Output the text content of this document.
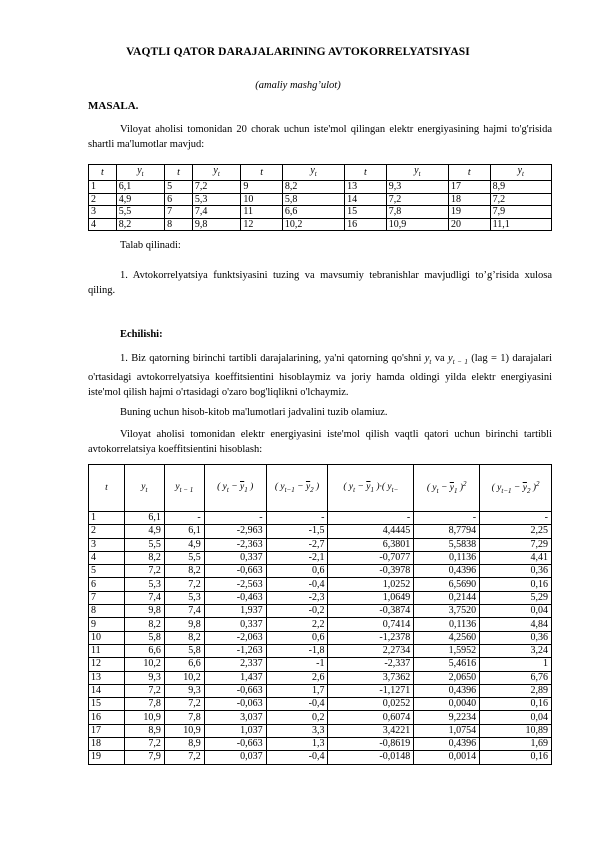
VAQTLI QATOR DARAJALARINING AVTOKORRELYATSIYASI
(amaliy mashg’ulot)
MASALA.
Viloyat aholisi tomonidan 20 chorak uchun iste'mol qilingan elektr energiyasining hajmi to'g'risida shartli ma'lumotlar mavjud:
t	$y_t$	t	$y_t$	t	$y_t$	t	$y_t$	t	$y_t$
1	6,1	5	7,2	9	8,2	13	9,3	17	8,9
2	4,9	6	5,3	10	5,8	14	7,2	18	7,2
3	5,5	7	7,4	11	6,6	15	7,8	19	7,9
4	8,2	8	9,8	12	10,2	16	10,9	20	11,1
Talab qilinadi:
1. Avtokorrelyatsiya funktsiyasini tuzing va mavsumiy tebranishlar mavjudligi to’g’risida xulosa qiling.
Echilishi:
1. Biz qatorning birinchi tartibli darajalarining, ya'ni qatorning qo'shni $y_t$ va $y_{t - 1}$ (lag = 1) darajalari o'rtasidagi avtokorrelyatsiya koeffitsientini hisoblaymiz va joriy hamda oldingi yilda elektr energiyasini iste'mol qilish hajmi o'rtasidagi o'zaro bog'liqlikni o'lchaymiz.
Buning uchun hisob-kitob ma'lumotlari jadvalini tuzib olamiuz.
Viloyat aholisi tomonidan elektr energiyasini iste'mol qilish vaqtli qatori uchun birinchi tartibli avtokorrelatsiya koeffitsientini hisoblash:
t	$y_t$	$y_{t - 1}$	( $y_t - \overline{y}_1$ )	( $y_{t-1} - \overline{y}_2$ )	( $y_t - \overline{y}_1$ )·( $y_{t-}$	( $y_t - \overline{y}_1$ )$^2$	( $y_{t-1} - \overline{y}_2$ )$^2$
1	6,1	-	-	-	-	-	-
2	4,9	6,1	-2,963	-1,5	4,4445	8,7794	2,25
3	5,5	4,9	-2,363	-2,7	6,3801	5,5838	7,29
4	8,2	5,5	0,337	-2,1	-0,7077	0,1136	4,41
5	7,2	8,2	-0,663	0,6	-0,3978	0,4396	0,36
6	5,3	7,2	-2,563	-0,4	1,0252	6,5690	0,16
7	7,4	5,3	-0,463	-2,3	1,0649	0,2144	5,29
8	9,8	7,4	1,937	-0,2	-0,3874	3,7520	0,04
9	8,2	9,8	0,337	2,2	0,7414	0,1136	4,84
10	5,8	8,2	-2,063	0,6	-1,2378	4,2560	0,36
11	6,6	5,8	-1,263	-1,8	2,2734	1,5952	3,24
12	10,2	6,6	2,337	-1	-2,337	5,4616	1
13	9,3	10,2	1,437	2,6	3,7362	2,0650	6,76
14	7,2	9,3	-0,663	1,7	-1,1271	0,4396	2,89
15	7,8	7,2	-0,063	-0,4	0,0252	0,0040	0,16
16	10,9	7,8	3,037	0,2	0,6074	9,2234	0,04
17	8,9	10,9	1,037	3,3	3,4221	1,0754	10,89
18	7,2	8,9	-0,663	1,3	-0,8619	0,4396	1,69
19	7,9	7,2	0,037	-0,4	-0,0148	0,0014	0,16
